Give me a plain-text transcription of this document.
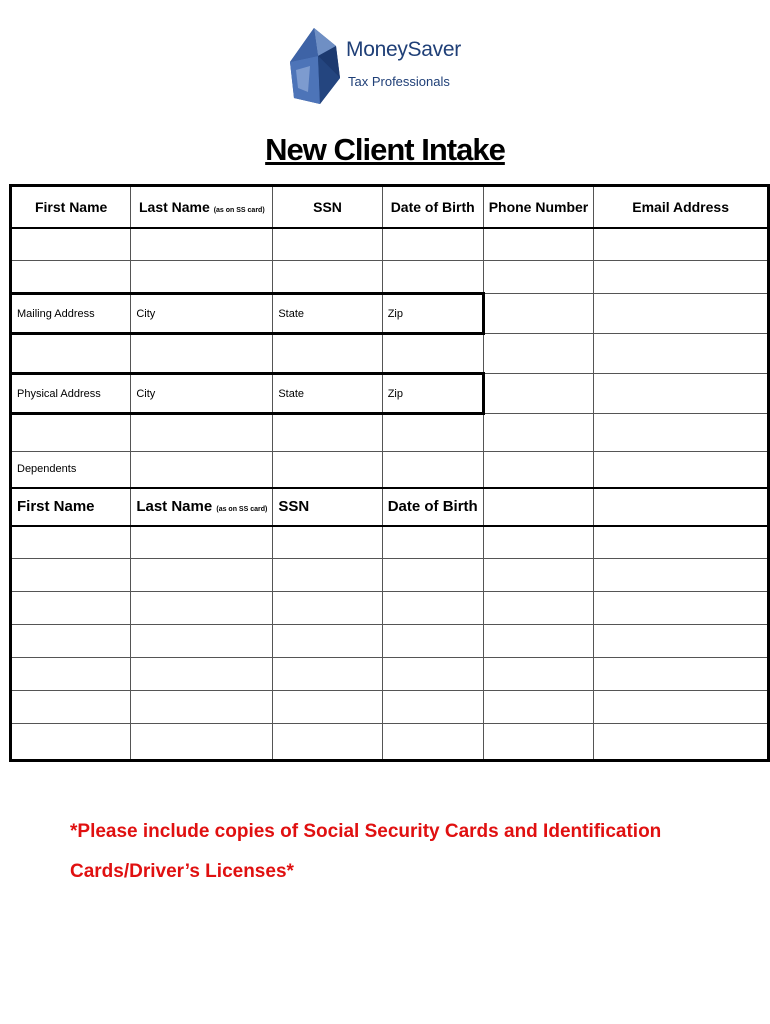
MoneySaver
Tax Professionals
New Client Intake
First Name	Last Name (as on SS card)	SSN	Date of Birth	Phone Number	Email Address

Mailing Address	City	State	Zip		

Physical Address	City	State	Zip		

Dependents					
First Name	Last Name (as on SS card)	SSN	Date of Birth		

*Please include copies of Social Security Cards and Identification Cards/Driver’s Licenses*
